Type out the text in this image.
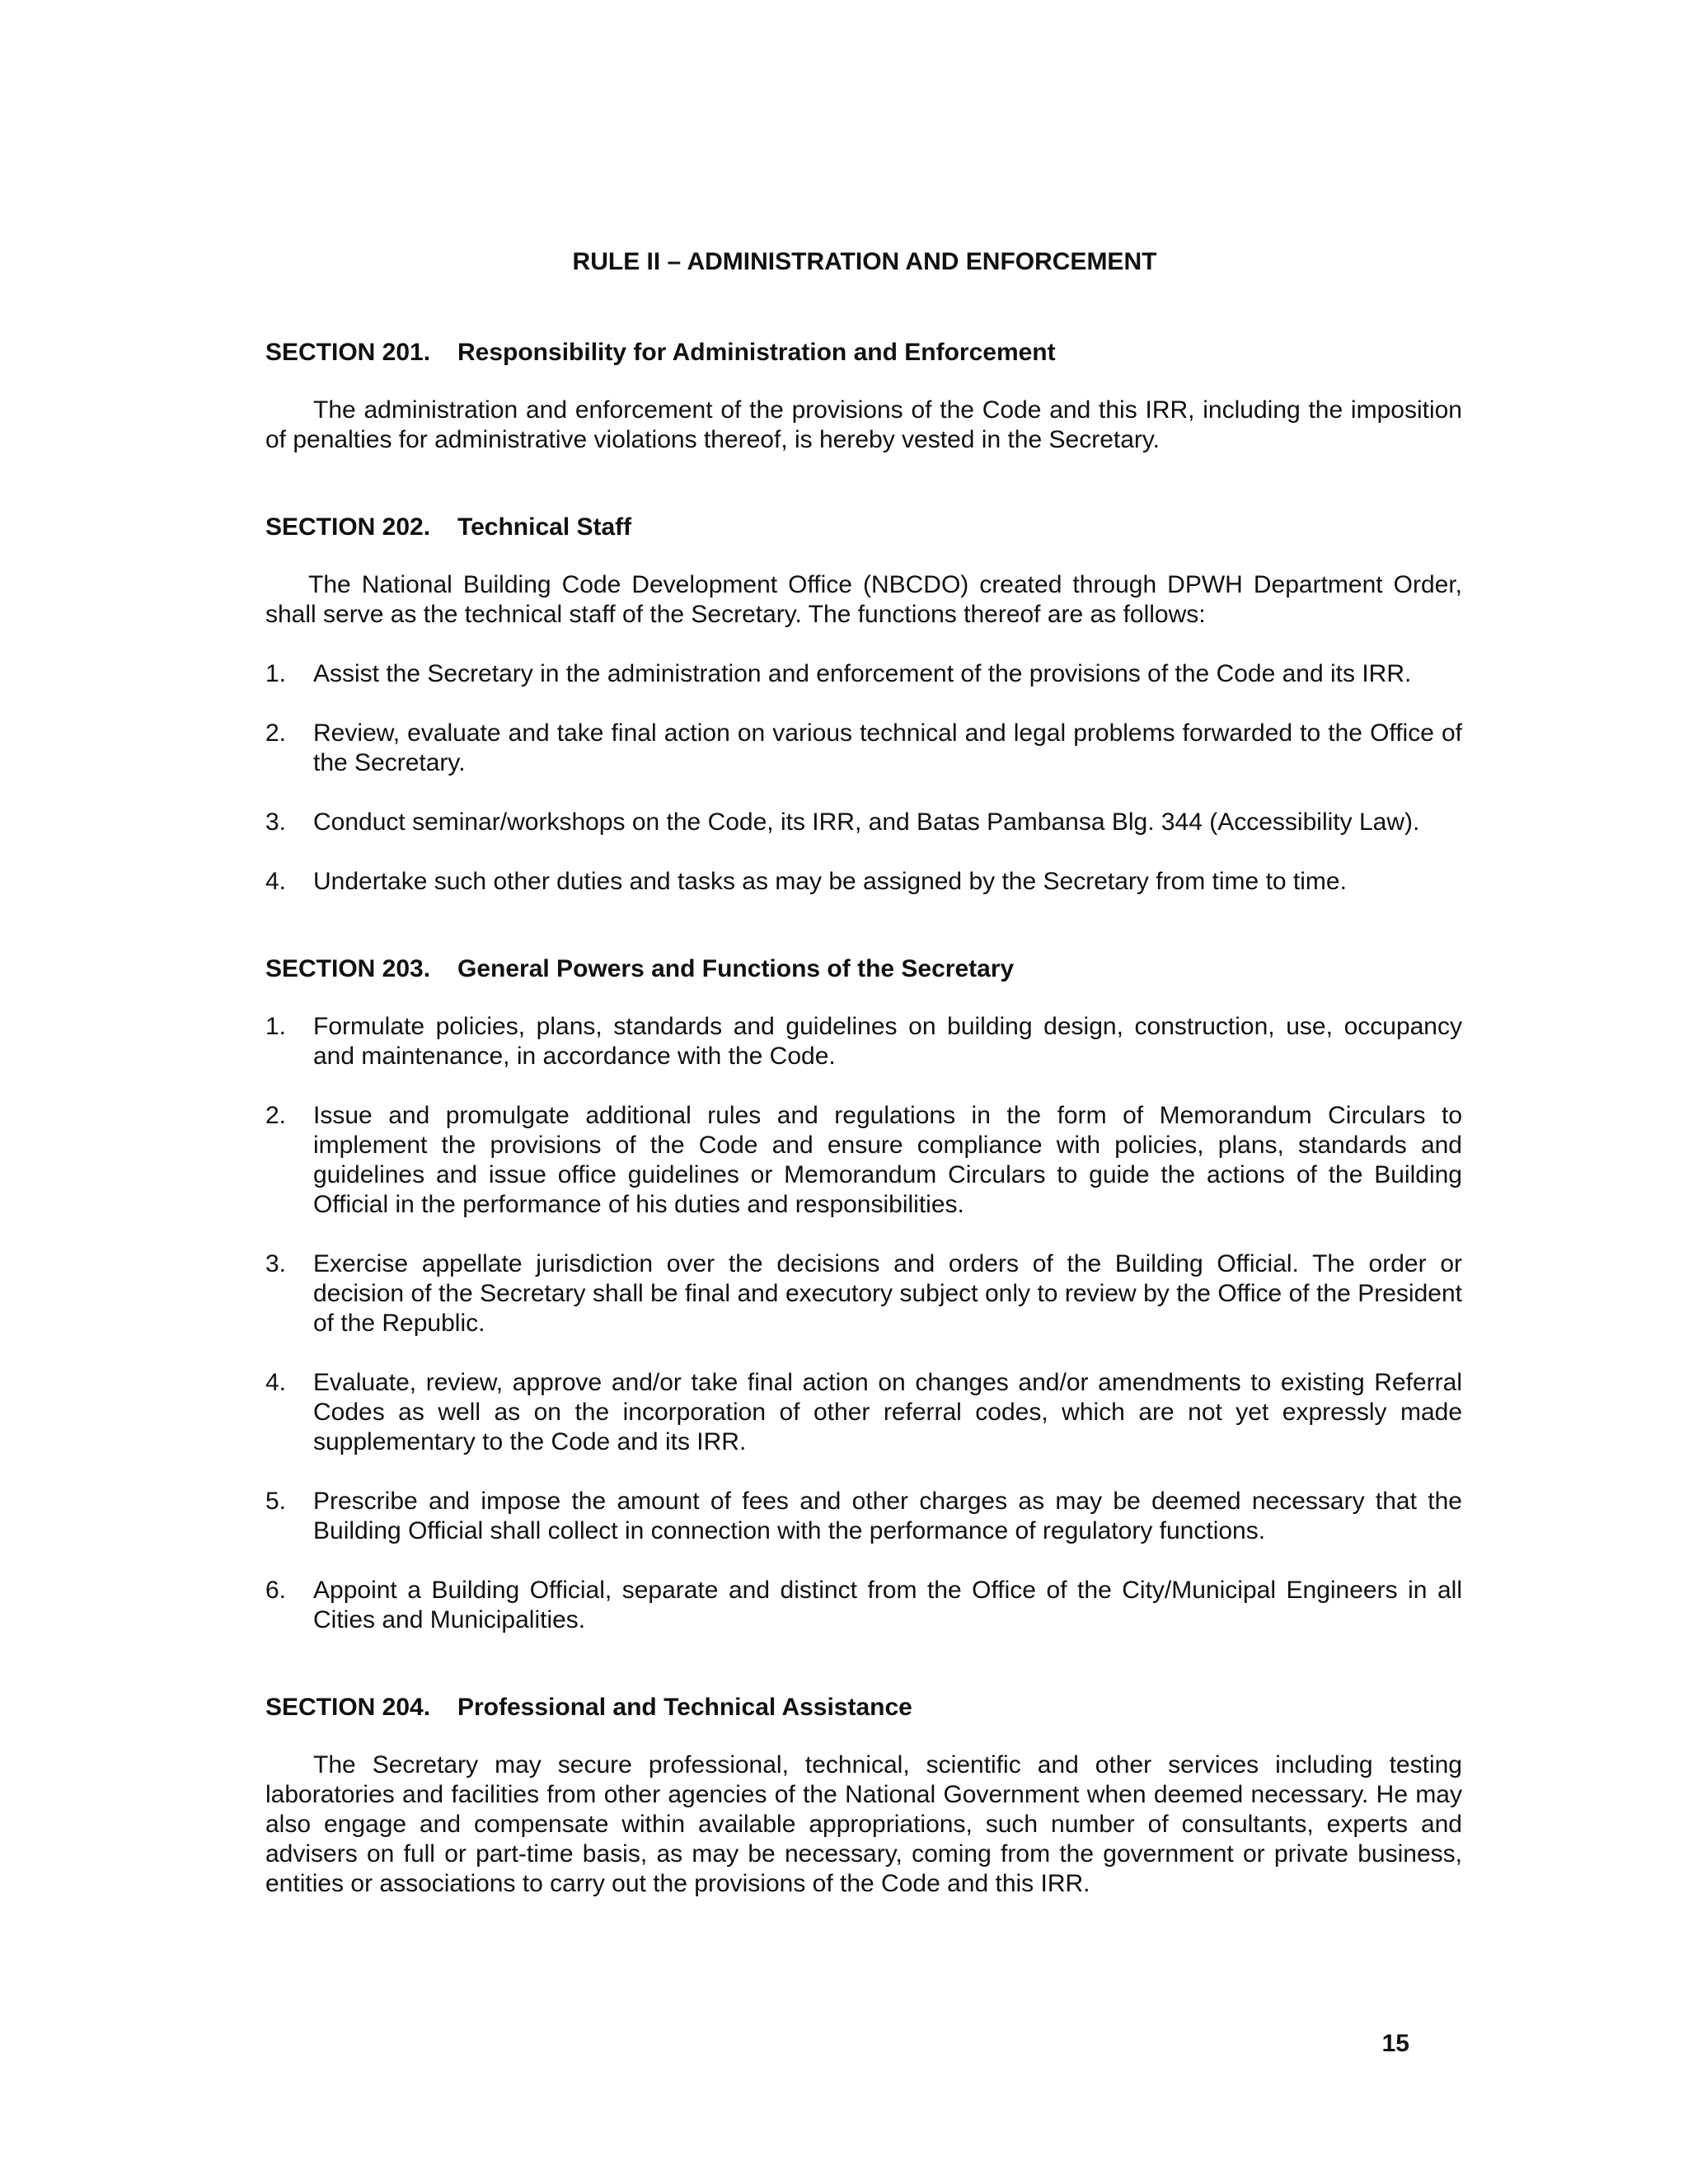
RULE II – ADMINISTRATION AND ENFORCEMENT

SECTION 201. Responsibility for Administration and Enforcement

The administration and enforcement of the provisions of the Code and this IRR, including the imposition of penalties for administrative violations thereof, is hereby vested in the Secretary.

SECTION 202. Technical Staff

The National Building Code Development Office (NBCDO) created through DPWH Department Order, shall serve as the technical staff of the Secretary. The functions thereof are as follows:

1. Assist the Secretary in the administration and enforcement of the provisions of the Code and its IRR.
2. Review, evaluate and take final action on various technical and legal problems forwarded to the Office of the Secretary.
3. Conduct seminar/workshops on the Code, its IRR, and Batas Pambansa Blg. 344 (Accessibility Law).
4. Undertake such other duties and tasks as may be assigned by the Secretary from time to time.

SECTION 203. General Powers and Functions of the Secretary

1. Formulate policies, plans, standards and guidelines on building design, construction, use, occupancy and maintenance, in accordance with the Code.
2. Issue and promulgate additional rules and regulations in the form of Memorandum Circulars to implement the provisions of the Code and ensure compliance with policies, plans, standards and guidelines and issue office guidelines or Memorandum Circulars to guide the actions of the Building Official in the performance of his duties and responsibilities.
3. Exercise appellate jurisdiction over the decisions and orders of the Building Official. The order or decision of the Secretary shall be final and executory subject only to review by the Office of the President of the Republic.
4. Evaluate, review, approve and/or take final action on changes and/or amendments to existing Referral Codes as well as on the incorporation of other referral codes, which are not yet expressly made supplementary to the Code and its IRR.
5. Prescribe and impose the amount of fees and other charges as may be deemed necessary that the Building Official shall collect in connection with the performance of regulatory functions.
6. Appoint a Building Official, separate and distinct from the Office of the City/Municipal Engineers in all Cities and Municipalities.

SECTION 204. Professional and Technical Assistance

The Secretary may secure professional, technical, scientific and other services including testing laboratories and facilities from other agencies of the National Government when deemed necessary. He may also engage and compensate within available appropriations, such number of consultants, experts and advisers on full or part-time basis, as may be necessary, coming from the government or private business, entities or associations to carry out the provisions of the Code and this IRR.

15
